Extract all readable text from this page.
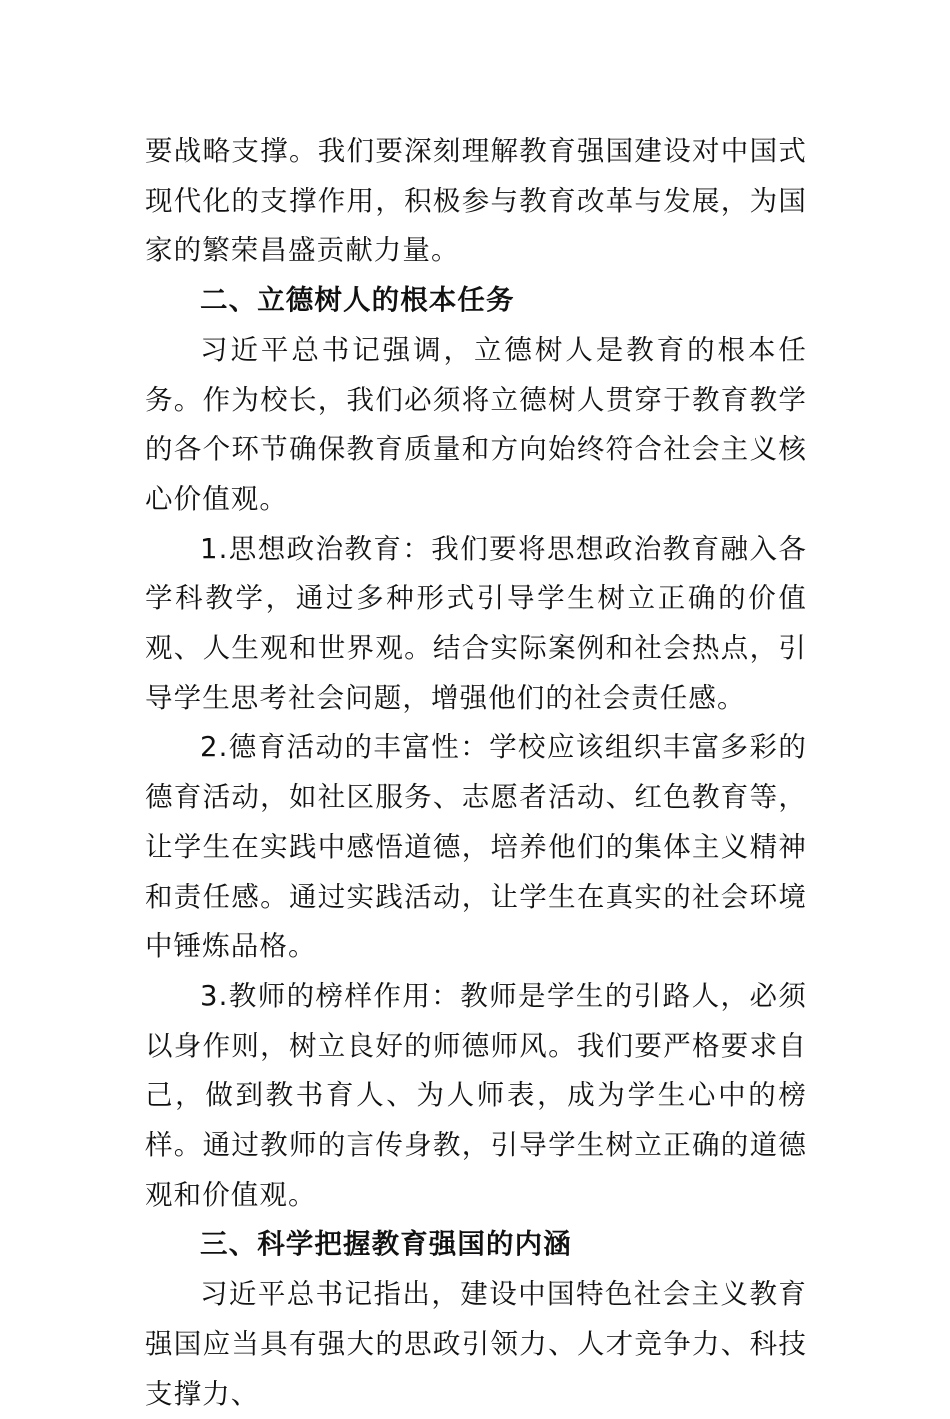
要战略支撑。我们要深刻理解教育强国建设对中国式现代化的支撑作用，积极参与教育改革与发展，为国家的繁荣昌盛贡献力量。

二、立德树人的根本任务

习近平总书记强调，立德树人是教育的根本任务。作为校长，我们必须将立德树人贯穿于教育教学的各个环节确保教育质量和方向始终符合社会主义核心价值观。

1.思想政治教育：我们要将思想政治教育融入各学科教学，通过多种形式引导学生树立正确的价值观、人生观和世界观。结合实际案例和社会热点，引导学生思考社会问题，增强他们的社会责任感。

2.德育活动的丰富性：学校应该组织丰富多彩的德育活动，如社区服务、志愿者活动、红色教育等，让学生在实践中感悟道德，培养他们的集体主义精神和责任感。通过实践活动，让学生在真实的社会环境中锤炼品格。

3.教师的榜样作用：教师是学生的引路人，必须以身作则，树立良好的师德师风。我们要严格要求自己，做到教书育人、为人师表，成为学生心中的榜样。通过教师的言传身教，引导学生树立正确的道德观和价值观。

三、科学把握教育强国的内涵

习近平总书记指出，建设中国特色社会主义教育强国应当具有强大的思政引领力、人才竞争力、科技支撑力、
